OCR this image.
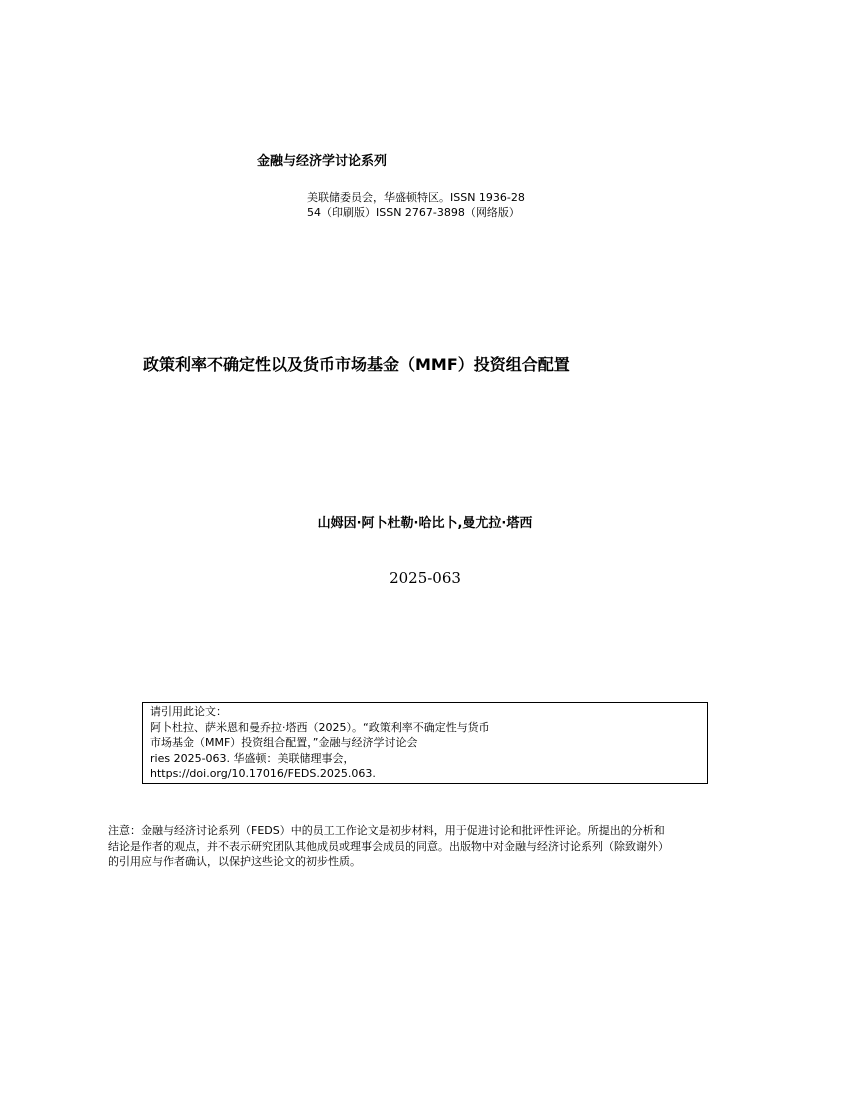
金融与经济学讨论系列
美联储委员会，华盛顿特区。ISSN 1936-28
54（印刷版）ISSN 2767-3898（网络版）
政策利率不确定性以及货币市场基金（MMF）投资组合配置
山姆因·阿卜杜勒·哈比卜,曼尤拉·塔西
2025-063
请引用此论文：
阿卜杜拉、萨米恩和曼乔拉·塔西（2025）。“政策利率不确定性与货币
市场基金（MMF）投资组合配置，”金融与经济学讨论会
ries 2025-063. 华盛顿：美联储理事会，
https://doi.org/10.17016/FEDS.2025.063.
注意：金融与经济讨论系列（FEDS）中的员工工作论文是初步材料，用于促进讨论和批评性评论。所提出的分析和
结论是作者的观点，并不表示研究团队其他成员或理事会成员的同意。出版物中对金融与经济讨论系列（除致谢外）
的引用应与作者确认，以保护这些论文的初步性质。
